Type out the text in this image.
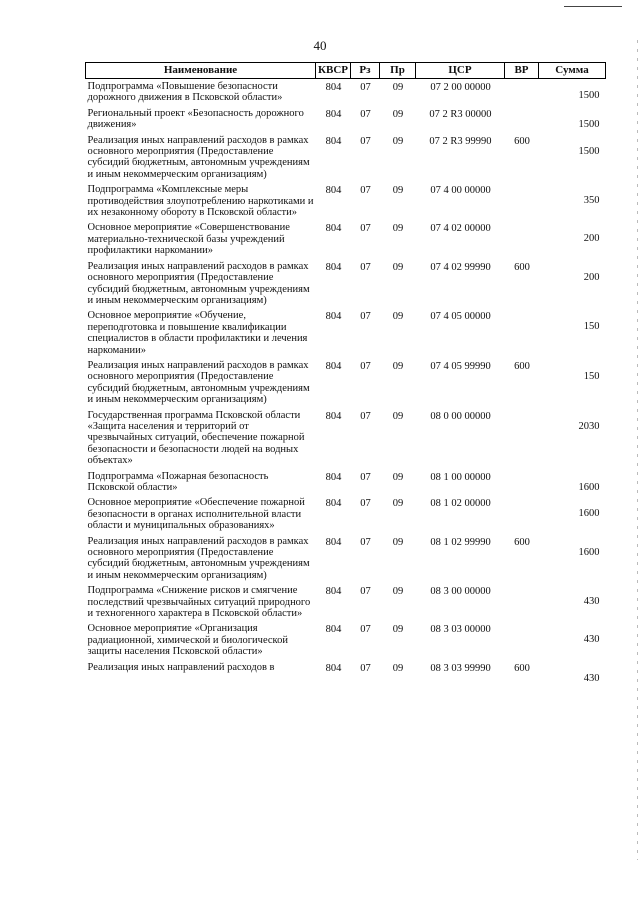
40
Наименование	КВСР	Рз	Пр	ЦСР	ВР	Сумма
Подпрограмма «Повышение безопасности дорожного движения в Псковской области»	804	07	09	07 2 00 00000		1500
Региональный проект «Безопасность дорожного движения»	804	07	09	07 2 R3 00000		1500
Реализация иных направлений расходов в рамках основного мероприятия (Предоставление субсидий бюджетным, автономным учреждениям и иным некоммерческим организациям)	804	07	09	07 2 R3 99990	600	1500
Подпрограмма «Комплексные меры противодействия злоупотреблению наркотиками и их незаконному обороту в Псковской области»	804	07	09	07 4 00 00000		350
Основное мероприятие «Совершенствование материально-технической базы учреждений профилактики наркомании»	804	07	09	07 4 02 00000		200
Реализация иных направлений расходов в рамках основного мероприятия (Предоставление субсидий бюджетным, автономным учреждениям и иным некоммерческим организациям)	804	07	09	07 4 02 99990	600	200
Основное мероприятие «Обучение, переподготовка и повышение квалификации специалистов в области профилактики и лечения наркомании»	804	07	09	07 4 05 00000		150
Реализация иных направлений расходов в рамках основного мероприятия (Предоставление субсидий бюджетным, автономным учреждениям и иным некоммерческим организациям)	804	07	09	07 4 05 99990	600	150
Государственная программа Псковской области «Защита населения и территорий от чрезвычайных ситуаций, обеспечение пожарной безопасности и безопасности людей на водных объектах»	804	07	09	08 0 00 00000		2030
Подпрограмма «Пожарная безопасность Псковской области»	804	07	09	08 1 00 00000		1600
Основное мероприятие «Обеспечение пожарной безопасности в органах исполнительной власти области и муниципальных образованиях»	804	07	09	08 1 02 00000		1600
Реализация иных направлений расходов в рамках основного мероприятия (Предоставление субсидий бюджетным, автономным учреждениям и иным некоммерческим организациям)	804	07	09	08 1 02 99990	600	1600
Подпрограмма «Снижение рисков и смягчение последствий чрезвычайных ситуаций природного и техногенного характера в Псковской области»	804	07	09	08 3 00 00000		430
Основное мероприятие «Организация радиационной, химической и биологической защиты населения Псковской области»	804	07	09	08 3 03 00000		430
Реализация иных направлений расходов в	804	07	09	08 3 03 99990	600	430
